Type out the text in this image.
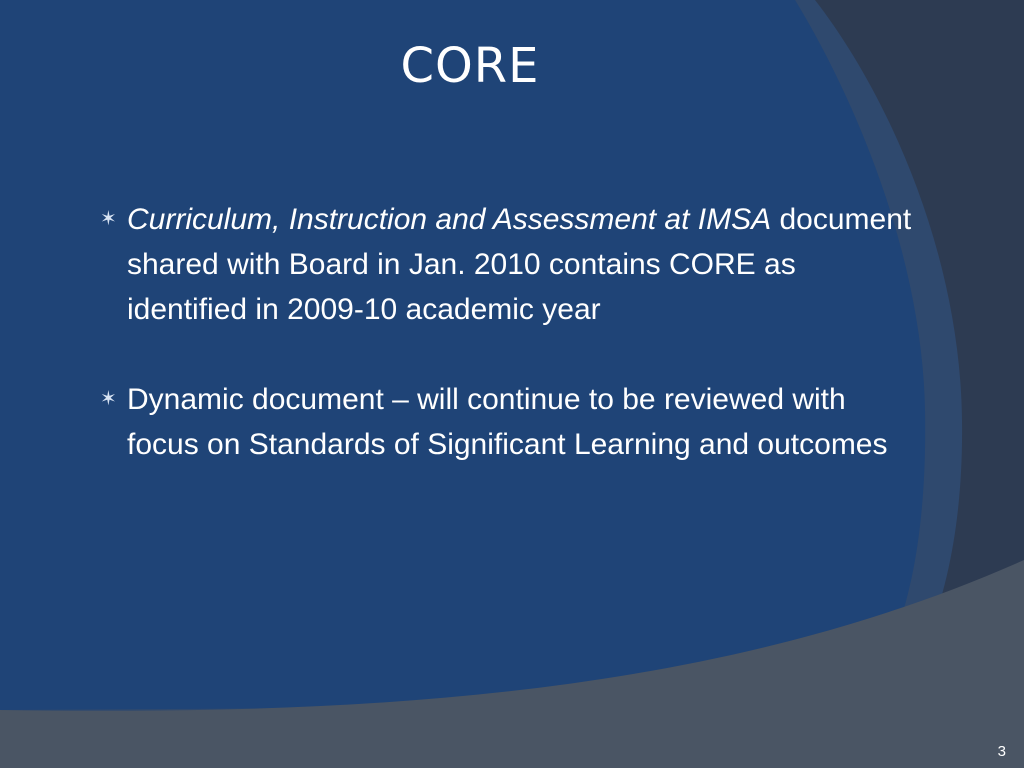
CORE
✶ Curriculum, Instruction and Assessment at IMSA document shared with Board in Jan. 2010 contains CORE as identified in 2009-10 academic year
✶ Dynamic document – will continue to be reviewed with focus on Standards of Significant Learning and outcomes
3
